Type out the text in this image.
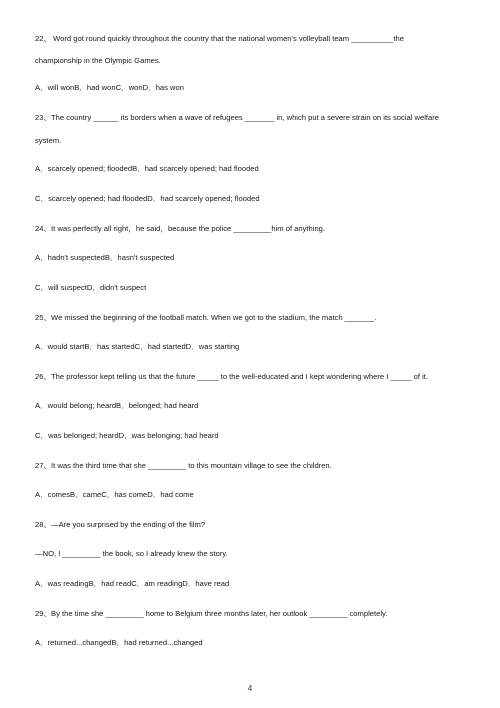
22、 Word got round quickly throughout the country that the national women's volleyball team __________the
championship in the Olympic Games.
A．will wonB．had wonC．wonD．has won
23、The country ______ its borders when a wave of refugees _______ in, which put a severe strain on its social welfare
system.
A．scarcely opened; floodedB．had scarcely opened; had flooded
C．scarcely opened; had floodedD．had scarcely opened; flooded
24、It was perfectly all right，he said，because the police _________him of anything.
A．hadn't suspectedB．hasn't suspected
C．will suspectD．didn't suspect
25、We missed the beginning of the football match. When we got to the stadium, the match _______.
A．would startB．has startedC．had startedD．was starting
26、The professor kept telling us that the future _____ to the well-educated and I kept wondering where I _____ of it.
A．would belong; heardB．belonged; had heard
C．was belonged; heardD．was belonging; had heard
27、It was the third time that she _________ to this mountain village to see the children.
A．comesB．cameC．has comeD．had come
28、—Are you surprised by the ending of the film?
—NO, I _________ the book, so I already knew the story.
A．was readingB．had readC．am readingD．have read
29、By the time she _________ home to Belgium three months later, her outlook _________ completely.
A．returned...changedB．had returned...changed
4
